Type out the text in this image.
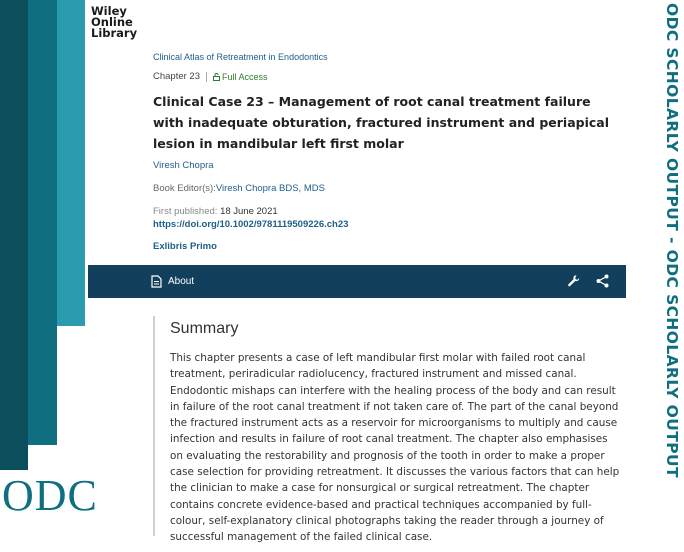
ODC
ODC SCHOLARLY OUTPUT - ODC SCHOLARLY OUTPUT
Wiley
Online
Library
Clinical Atlas of Retreatment in Endodontics
Chapter 23 Full Access
Clinical Case 23 – Management of root canal treatment failure with inadequate obturation, fractured instrument and periapical lesion in mandibular left first molar
Viresh Chopra
Book Editor(s):Viresh Chopra BDS, MDS
First published: 18 June 2021
https://doi.org/10.1002/9781119509226.ch23
Exlibris Primo
About
Summary
This chapter presents a case of left mandibular first molar with failed root canal treatment, periradicular radiolucency, fractured instrument and missed canal. Endodontic mishaps can interfere with the healing process of the body and can result in failure of the root canal treatment if not taken care of. The part of the canal beyond the fractured instrument acts as a reservoir for microorganisms to multiply and cause infection and results in failure of root canal treatment. The chapter also emphasises on evaluating the restorability and prognosis of the tooth in order to make a proper case selection for providing retreatment. It discusses the various factors that can help the clinician to make a case for nonsurgical or surgical retreatment. The chapter contains concrete evidence-based and practical techniques accompanied by full-colour, self-explanatory clinical photographs taking the reader through a journey of successful management of the failed clinical case.
